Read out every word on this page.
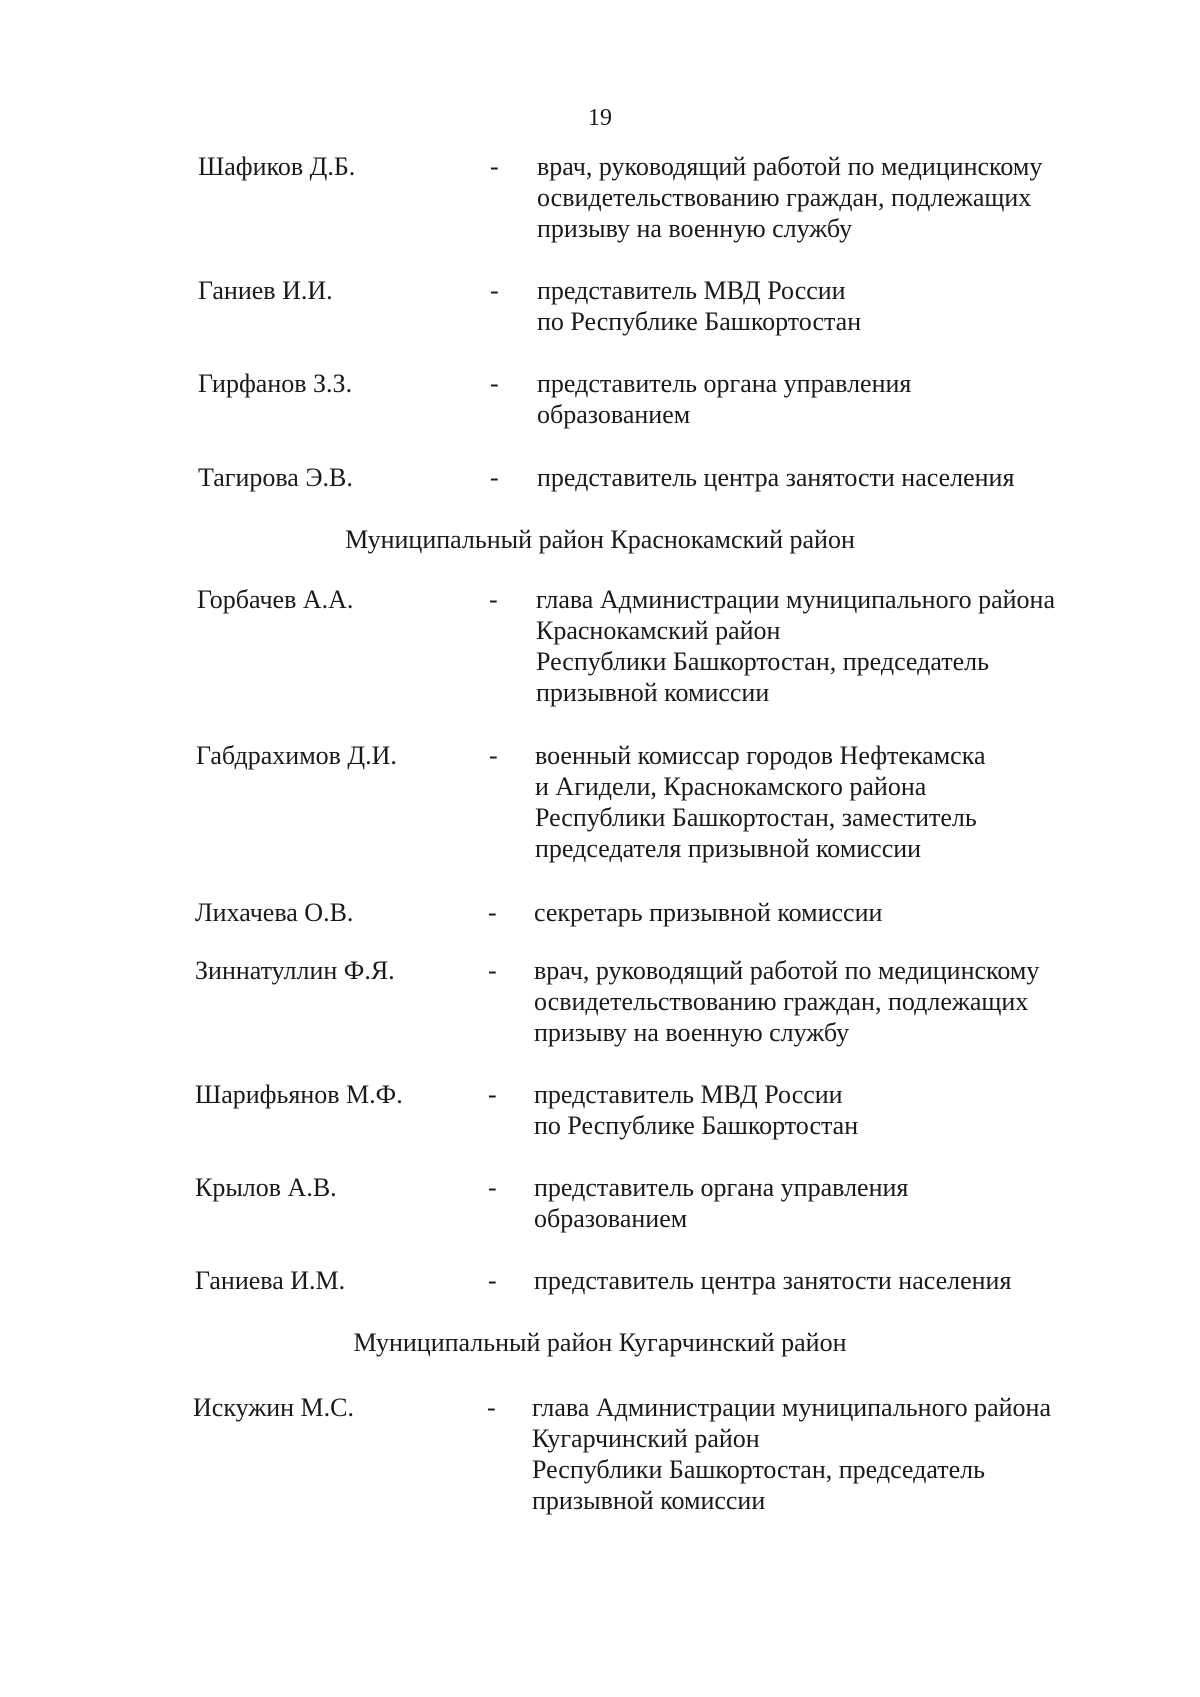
19
Шафиков Д.Б.	- врач, руководящий работой по медицинскому
освидетельствованию граждан, подлежащих
призыву на военную службу
Ганиев И.И.	- представитель МВД России
по Республике Башкортостан
Гирфанов З.З.	- представитель органа управления
образованием
Тагирова Э.В.	- представитель центра занятости населения
Муниципальный район Краснокамский район
Горбачев А.А.	- глава Администрации муниципального района
Краснокамский район
Республики Башкортостан, председатель
призывной комиссии
Габдрахимов Д.И.	- военный комиссар городов Нефтекамска
и Агидели, Краснокамского района
Республики Башкортостан, заместитель
председателя призывной комиссии
Лихачева О.В.	- секретарь призывной комиссии
Зиннатуллин Ф.Я.	- врач, руководящий работой по медицинскому
освидетельствованию граждан, подлежащих
призыву на военную службу
Шарифьянов М.Ф.	- представитель МВД России
по Республике Башкортостан
Крылов А.В.	- представитель органа управления
образованием
Ганиева И.М.	- представитель центра занятости населения
Муниципальный район Кугарчинский район
Искужин М.С.	- глава Администрации муниципального района
Кугарчинский район
Республики Башкортостан, председатель
призывной комиссии
